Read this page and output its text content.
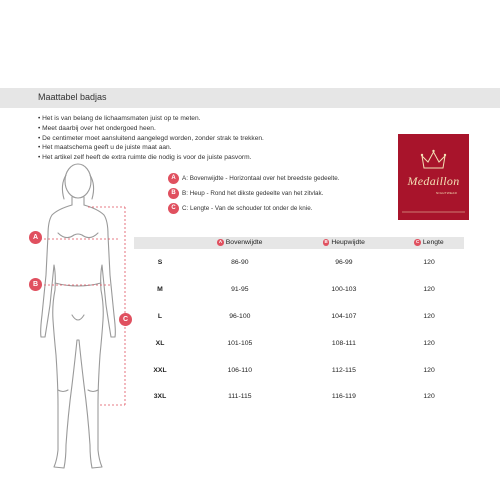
Maattabel badjas
• Het is van belang de lichaamsmaten juist op te meten.
• Meet daarbij over het ondergoed heen.
• De centimeter moet aansluitend aangelegd worden, zonder strak te trekken.
• Het maatschema geeft u de juiste maat aan.
• Het artikel zelf heeft de extra ruimte die nodig is voor de juiste pasvorm.
Medaillon
NIGHTWEAR
A A: Bovenwijdte - Horizontaal over het breedste gedeelte.
B B: Heup - Rond het dikste gedeelte van het zitvlak.
C C: Lengte - Van de schouder tot onder de knie.
A
B
C
	A Bovenwijdte	B Heupwijdte	C Lengte
S	86-90	96-99	120
M	91-95	100-103	120
L	96-100	104-107	120
XL	101-105	108-111	120
XXL	106-110	112-115	120
3XL	111-115	116-119	120
